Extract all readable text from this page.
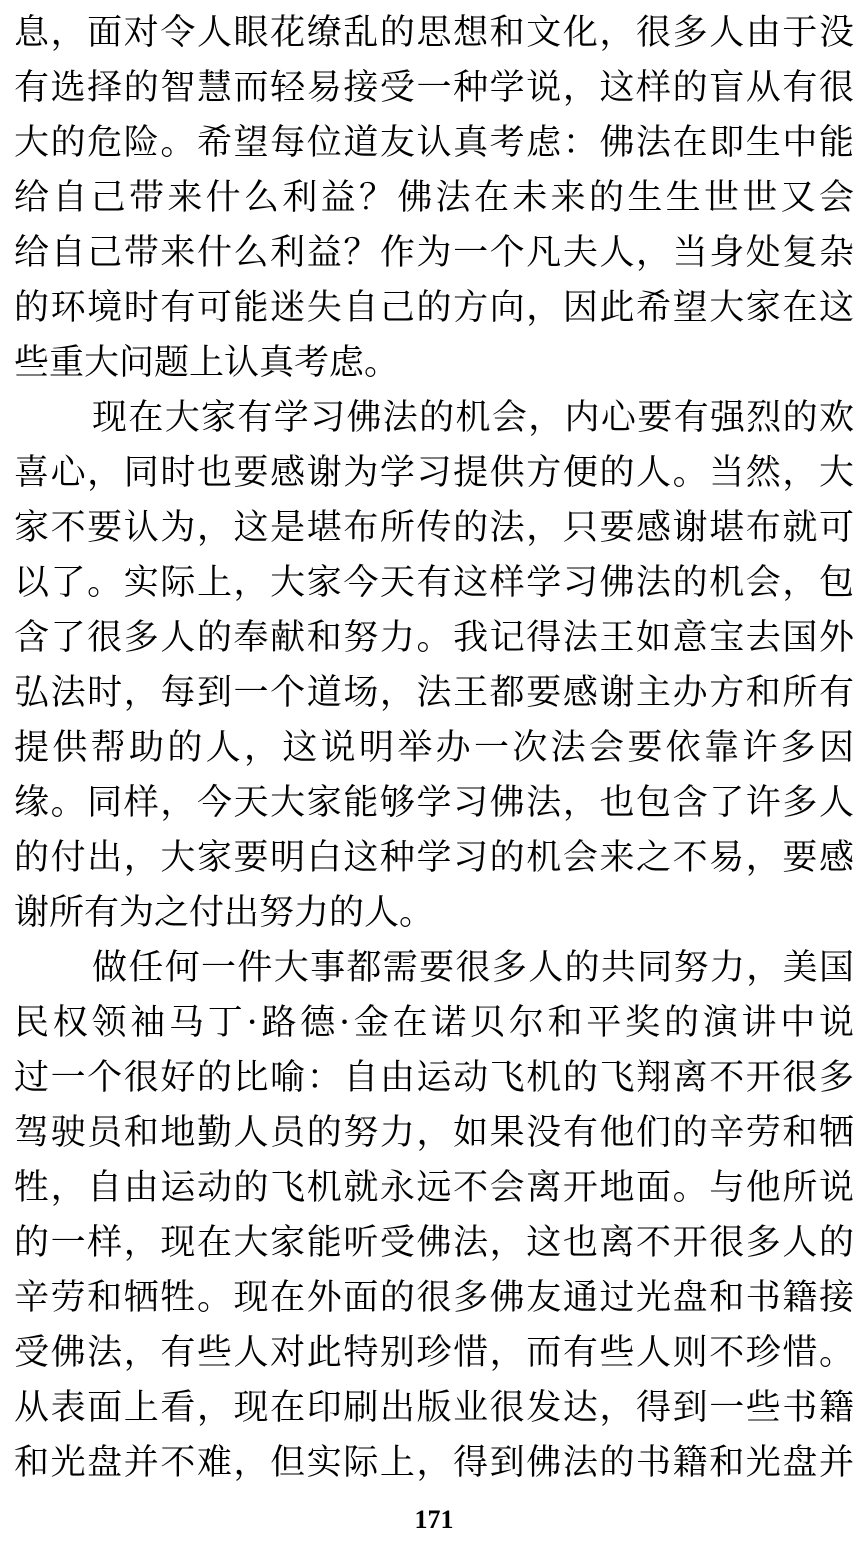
息，面对令人眼花缭乱的思想和文化，很多人由于没
有选择的智慧而轻易接受一种学说，这样的盲从有很
大的危险。希望每位道友认真考虑：佛法在即生中能
给自己带来什么利益？佛法在未来的生生世世又会
给自己带来什么利益？作为一个凡夫人，当身处复杂
的环境时有可能迷失自己的方向，因此希望大家在这
些重大问题上认真考虑。
现在大家有学习佛法的机会，内心要有强烈的欢
喜心，同时也要感谢为学习提供方便的人。当然，大
家不要认为，这是堪布所传的法，只要感谢堪布就可
以了。实际上，大家今天有这样学习佛法的机会，包
含了很多人的奉献和努力。我记得法王如意宝去国外
弘法时，每到一个道场，法王都要感谢主办方和所有
提供帮助的人，这说明举办一次法会要依靠许多因
缘。同样，今天大家能够学习佛法，也包含了许多人
的付出，大家要明白这种学习的机会来之不易，要感
谢所有为之付出努力的人。
做任何一件大事都需要很多人的共同努力，美国
民权领袖马丁·路德·金在诺贝尔和平奖的演讲中说
过一个很好的比喻：自由运动飞机的飞翔离不开很多
驾驶员和地勤人员的努力，如果没有他们的辛劳和牺
牲，自由运动的飞机就永远不会离开地面。与他所说
的一样，现在大家能听受佛法，这也离不开很多人的
辛劳和牺牲。现在外面的很多佛友通过光盘和书籍接
受佛法，有些人对此特别珍惜，而有些人则不珍惜。
从表面上看，现在印刷出版业很发达，得到一些书籍
和光盘并不难，但实际上，得到佛法的书籍和光盘并
171
